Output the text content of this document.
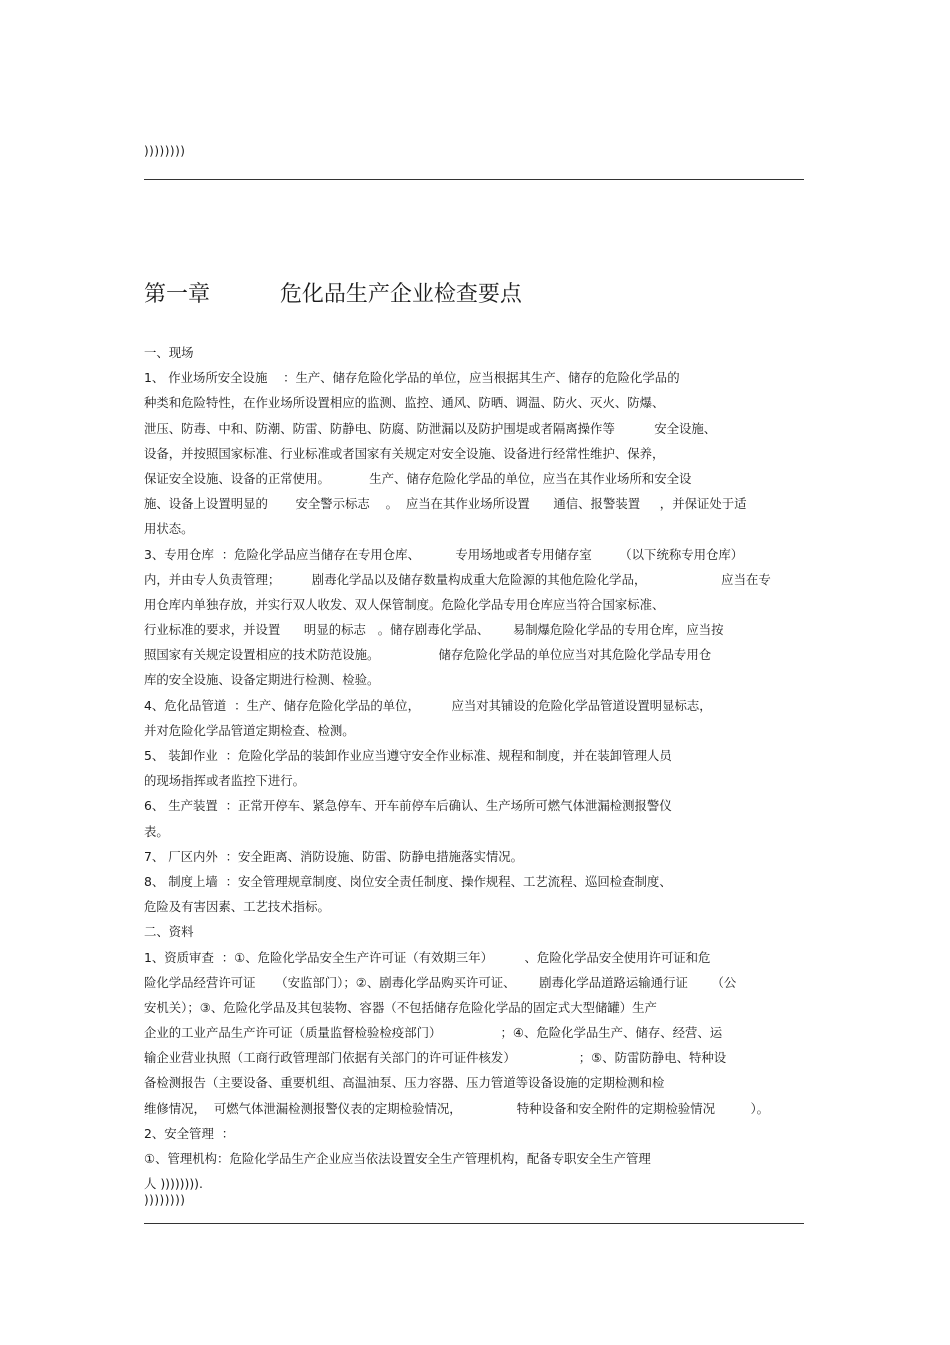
))))))))
第一章          危化品生产企业检查要点
一、现场
1、 作业场所安全设施    ：生产、储存危险化学品的单位，应当根据其生产、储存的危险化学品的
种类和危险特性，在作业场所设置相应的监测、监控、通风、防晒、调温、防火、灭火、防爆、
泄压、防毒、中和、防潮、防雷、防静电、防腐、防泄漏以及防护围堤或者隔离操作等          安全设施、
设备，并按照国家标准、行业标准或者国家有关规定对安全设施、设备进行经常性维护、保养，
保证安全设施、设备的正常使用。          生产、储存危险化学品的单位，应当在其作业场所和安全设
施、设备上设置明显的       安全警示标志    。  应当在其作业场所设置      通信、报警装置     ，并保证处于适
用状态。
3、专用仓库  ：危险化学品应当储存在专用仓库、         专用场地或者专用储存室       （以下统称专用仓库）
内，并由专人负责管理；        剧毒化学品以及储存数量构成重大危险源的其他危险化学品，                   应当在专
用仓库内单独存放，并实行双人收发、双人保管制度。危险化学品专用仓库应当符合国家标准、
行业标准的要求，并设置      明显的标志   。储存剧毒化学品、      易制爆危险化学品的专用仓库，应当按
照国家有关规定设置相应的技术防范设施。               储存危险化学品的单位应当对其危险化学品专用仓
库的安全设施、设备定期进行检测、检验。
4、危化品管道  ：生产、储存危险化学品的单位，        应当对其铺设的危险化学品管道设置明显标志，
并对危险化学品管道定期检查、检测。
5、 装卸作业  ：危险化学品的装卸作业应当遵守安全作业标准、规程和制度，并在装卸管理人员
的现场指挥或者监控下进行。
6、 生产装置  ：正常开停车、紧急停车、开车前停车后确认、生产场所可燃气体泄漏检测报警仪
表。
7、 厂区内外  ：安全距离、消防设施、防雷、防静电措施落实情况。
8、 制度上墙  ：安全管理规章制度、岗位安全责任制度、操作规程、工艺流程、巡回检查制度、
危险及有害因素、工艺技术指标。
二、资料
1、资质审查  ：①、危险化学品安全生产许可证（有效期三年）        、危险化学品安全使用许可证和危
险化学品经营许可证     （安监部门）；②、剧毒化学品购买许可证、      剧毒化学品道路运输通行证      （公
安机关）；③、危险化学品及其包装物、容器（不包括储存危险化学品的固定式大型储罐）生产
企业的工业产品生产许可证（质量监督检验检疫部门）               ；④、危险化学品生产、储存、经营、运
输企业营业执照（工商行政管理部门依据有关部门的许可证件核发）                ；⑤、防雷防静电、特种设
备检测报告（主要设备、重要机组、高温油泵、压力容器、压力管道等设备设施的定期检测和检
维修情况，  可燃气体泄漏检测报警仪表的定期检验情况，              特种设备和安全附件的定期检验情况         ）。
2、安全管理  ：
①、管理机构：危险化学品生产企业应当依法设置安全生产管理机构，配备专职安全生产管理
人 )))))))).
))))))))
